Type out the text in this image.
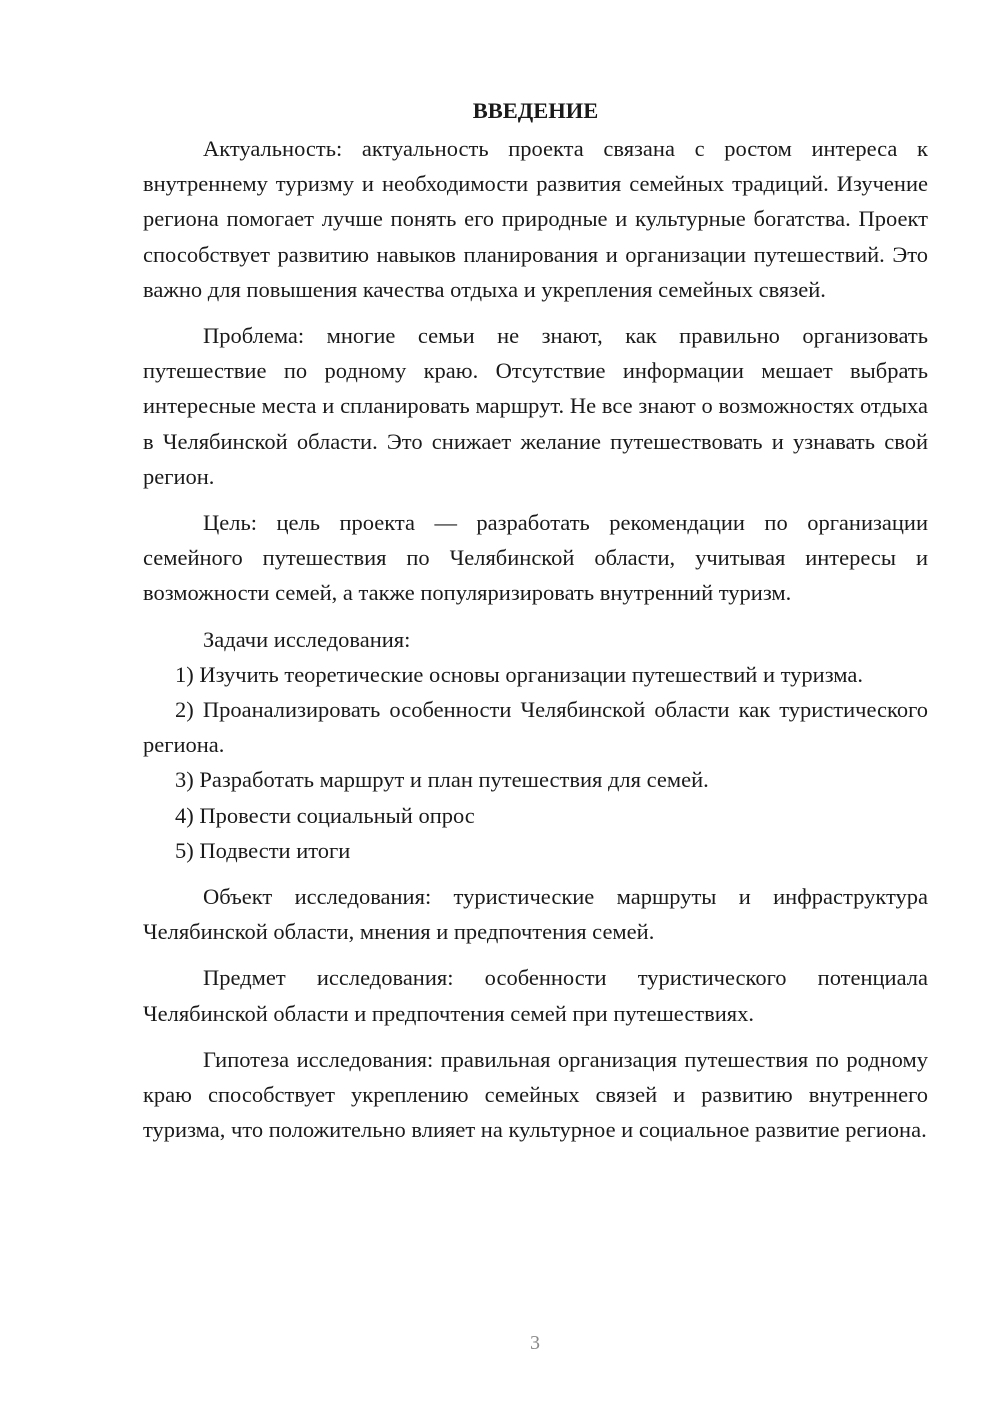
ВВЕДЕНИЕ

Актуальность: актуальность проекта связана с ростом интереса к внутреннему туризму и необходимости развития семейных традиций. Изучение региона помогает лучше понять его природные и культурные богатства. Проект способствует развитию навыков планирования и организации путешествий. Это важно для повышения качества отдыха и укрепления семейных связей.

Проблема: многие семьи не знают, как правильно организовать путешествие по родному краю. Отсутствие информации мешает выбрать интересные места и спланировать маршрут. Не все знают о возможностях отдыха в Челябинской области. Это снижает желание путешествовать и узнавать свой регион.

Цель: цель проекта — разработать рекомендации по организации семейного путешествия по Челябинской области, учитывая интересы и возможности семей, а также популяризировать внутренний туризм.

Задачи исследования:

1) Изучить теоретические основы организации путешествий и туризма.

2) Проанализировать особенности Челябинской области как туристического региона.

3) Разработать маршрут и план путешествия для семей.

4) Провести социальный опрос

5) Подвести итоги

Объект исследования: туристические маршруты и инфраструктура Челябинской области, мнения и предпочтения семей.

Предмет исследования: особенности туристического потенциала Челябинской области и предпочтения семей при путешествиях.

Гипотеза исследования: правильная организация путешествия по родному краю способствует укреплению семейных связей и развитию внутреннего туризма, что положительно влияет на культурное и социальное развитие региона.

3
